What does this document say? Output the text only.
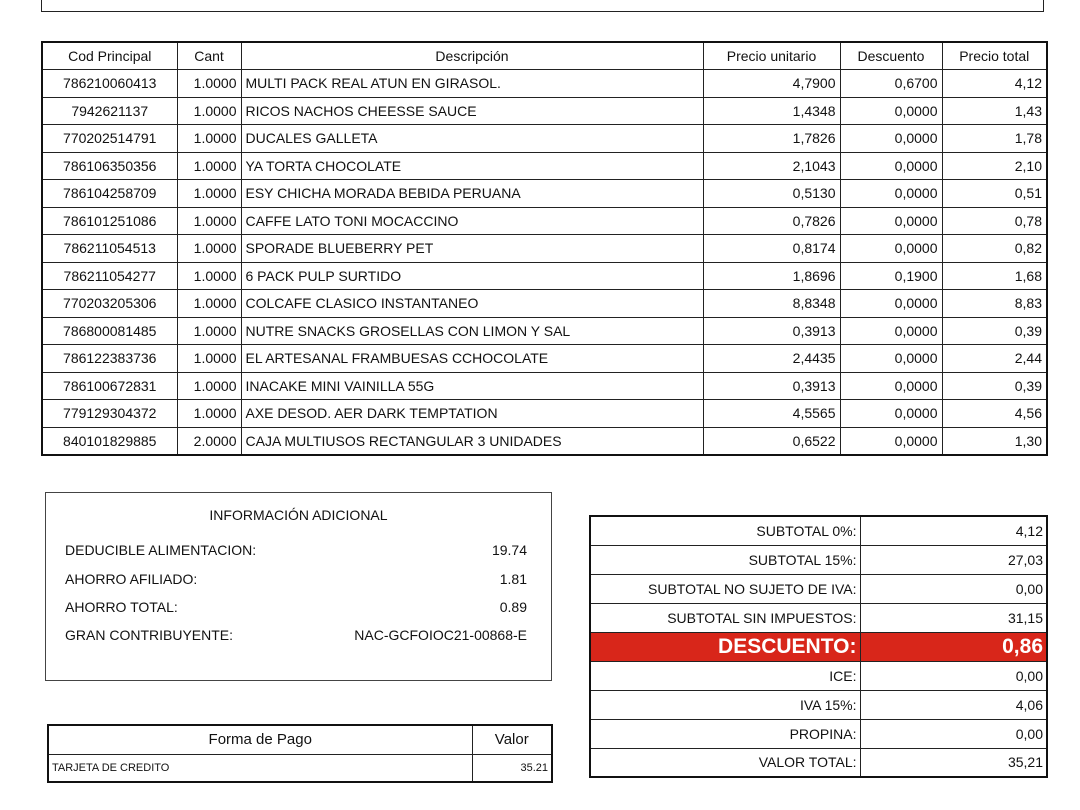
Cod Principal	Cant	Descripción	Precio unitario	Descuento	Precio total
786210060413	1.0000	MULTI PACK REAL ATUN EN GIRASOL.	4,7900	0,6700	4,12
7942621137	1.0000	RICOS NACHOS CHEESSE SAUCE	1,4348	0,0000	1,43
770202514791	1.0000	DUCALES GALLETA	1,7826	0,0000	1,78
786106350356	1.0000	YA TORTA CHOCOLATE	2,1043	0,0000	2,10
786104258709	1.0000	ESY CHICHA MORADA BEBIDA PERUANA	0,5130	0,0000	0,51
786101251086	1.0000	CAFFE LATO TONI MOCACCINO	0,7826	0,0000	0,78
786211054513	1.0000	SPORADE BLUEBERRY PET	0,8174	0,0000	0,82
786211054277	1.0000	6 PACK PULP SURTIDO	1,8696	0,1900	1,68
770203205306	1.0000	COLCAFE CLASICO INSTANTANEO	8,8348	0,0000	8,83
786800081485	1.0000	NUTRE SNACKS GROSELLAS CON LIMON Y SAL	0,3913	0,0000	0,39
786122383736	1.0000	EL ARTESANAL FRAMBUESAS CCHOCOLATE	2,4435	0,0000	2,44
786100672831	1.0000	INACAKE MINI VAINILLA 55G	0,3913	0,0000	0,39
779129304372	1.0000	AXE DESOD. AER DARK TEMPTATION	4,5565	0,0000	4,56
840101829885	2.0000	CAJA MULTIUSOS RECTANGULAR 3 UNIDADES	0,6522	0,0000	1,30
INFORMACIÓN ADICIONAL
DEDUCIBLE ALIMENTACION:	19.74
AHORRO AFILIADO:	1.81
AHORRO TOTAL:	0.89
GRAN CONTRIBUYENTE:	NAC-GCFOIOC21-00868-E
Forma de Pago	Valor
TARJETA DE CREDITO	35.21
SUBTOTAL 0%:	4,12
SUBTOTAL 15%:	27,03
SUBTOTAL NO SUJETO DE IVA:	0,00
SUBTOTAL SIN IMPUESTOS:	31,15
DESCUENTO:	0,86
ICE:	0,00
IVA 15%:	4,06
PROPINA:	0,00
VALOR TOTAL:	35,21
